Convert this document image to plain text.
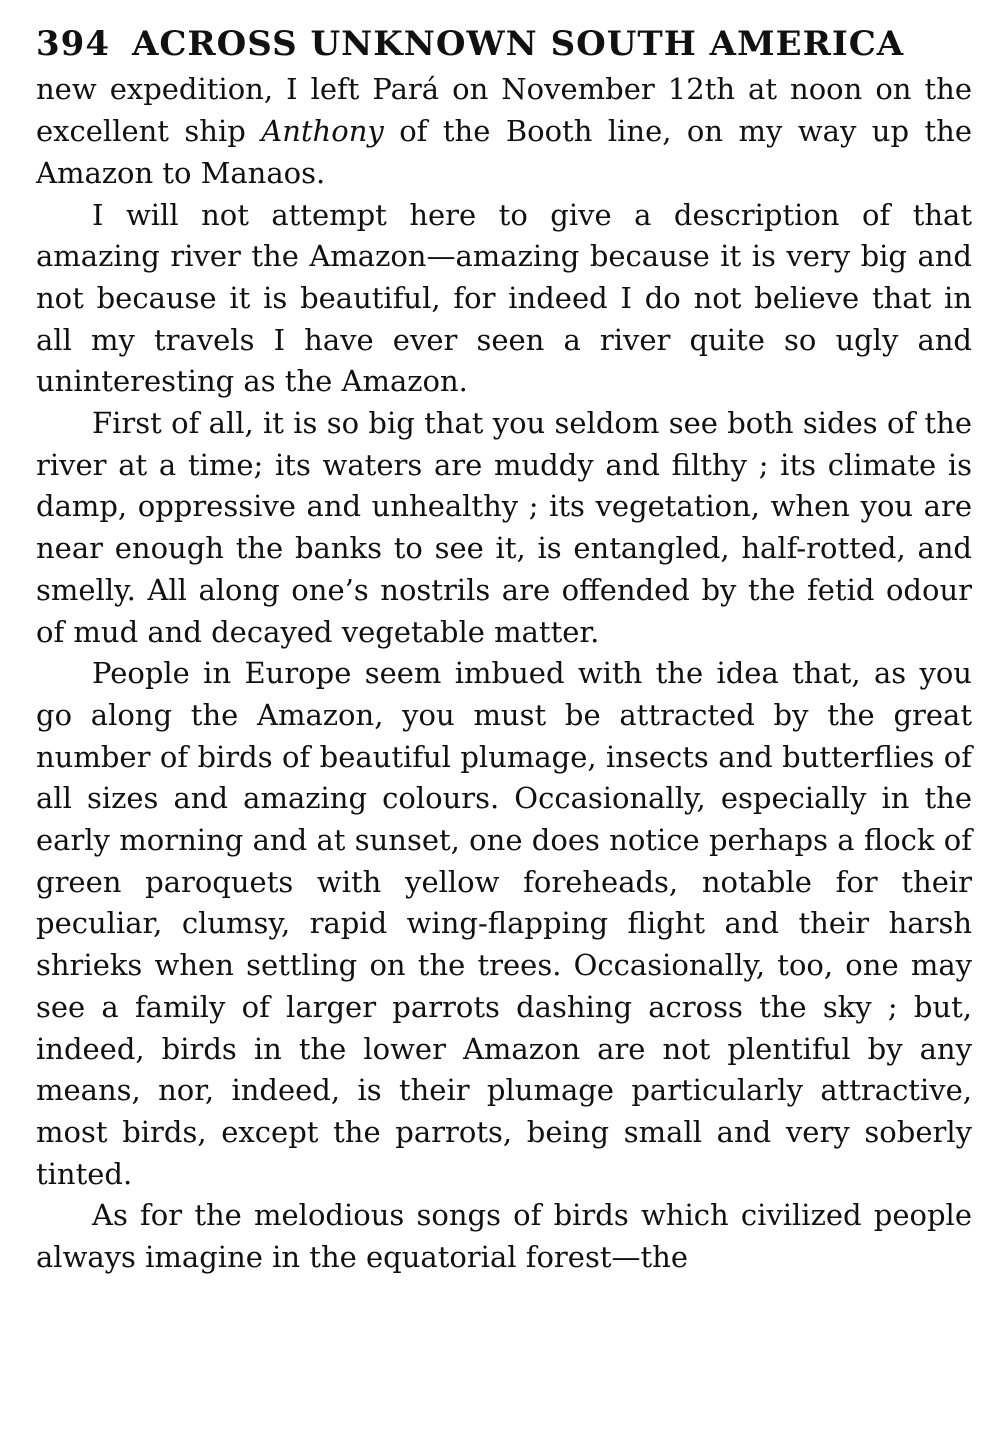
394 ACROSS UNKNOWN SOUTH AMERICA

new expedition, I left Pará on November 12th at noon on the excellent ship Anthony of the Booth line, on my way up the Amazon to Manaos.

I will not attempt here to give a description of that amazing river the Amazon—amazing because it is very big and not because it is beautiful, for indeed I do not believe that in all my travels I have ever seen a river quite so ugly and uninteresting as the Amazon.

First of all, it is so big that you seldom see both sides of the river at a time; its waters are muddy and filthy ; its climate is damp, oppressive and unhealthy ; its vegetation, when you are near enough the banks to see it, is entangled, half-rotted, and smelly. All along one’s nostrils are offended by the fetid odour of mud and decayed vegetable matter.

People in Europe seem imbued with the idea that, as you go along the Amazon, you must be attracted by the great number of birds of beautiful plumage, insects and butterflies of all sizes and amazing colours. Occasionally, especially in the early morning and at sunset, one does notice perhaps a flock of green paroquets with yellow foreheads, notable for their peculiar, clumsy, rapid wing-flapping flight and their harsh shrieks when settling on the trees. Occasionally, too, one may see a family of larger parrots dashing across the sky ; but, indeed, birds in the lower Amazon are not plentiful by any means, nor, indeed, is their plumage particularly attractive, most birds, except the parrots, being small and very soberly tinted.

As for the melodious songs of birds which civilized people always imagine in the equatorial forest—the
